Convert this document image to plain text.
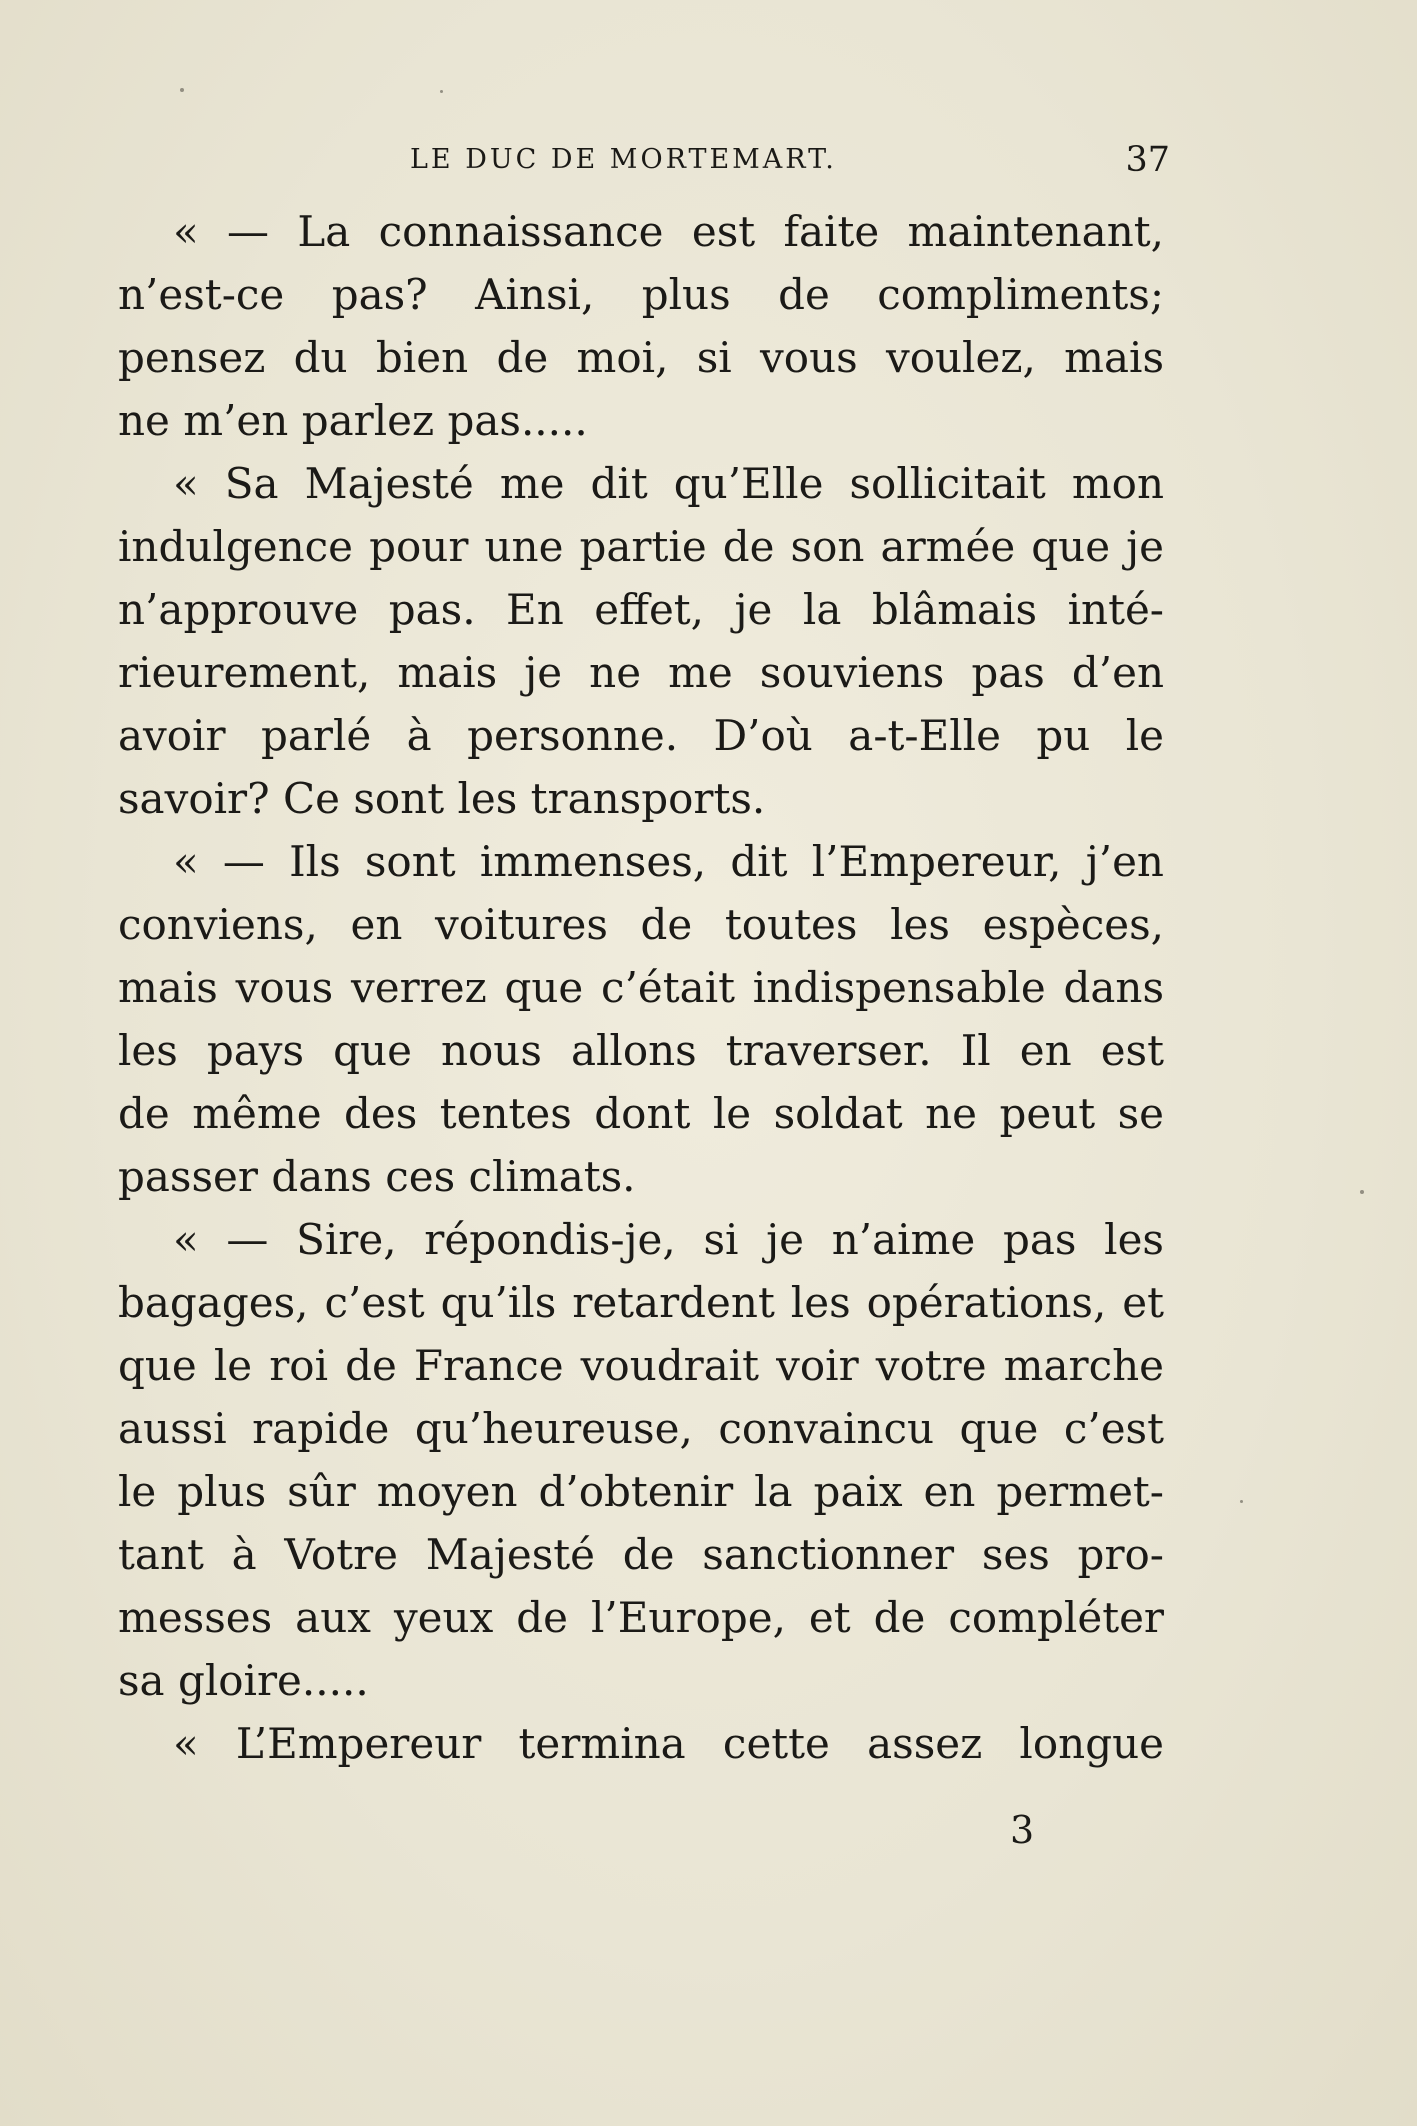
LE DUC DE MORTEMART.	37
« — La connaissance est faite maintenant,
n’est-ce pas? Ainsi, plus de compliments;
pensez du bien de moi, si vous voulez, mais
ne m’en parlez pas.....
« Sa Majesté me dit qu’Elle sollicitait mon
indulgence pour une partie de son armée que je
n’approuve pas. En effet, je la blâmais inté-
rieurement, mais je ne me souviens pas d’en
avoir parlé à personne. D’où a-t-Elle pu le
savoir? Ce sont les transports.
« — Ils sont immenses, dit l’Empereur, j’en
conviens, en voitures de toutes les espèces,
mais vous verrez que c’était indispensable dans
les pays que nous allons traverser. Il en est
de même des tentes dont le soldat ne peut se
passer dans ces climats.
« — Sire, répondis-je, si je n’aime pas les
bagages, c’est qu’ils retardent les opérations, et
que le roi de France voudrait voir votre marche
aussi rapide qu’heureuse, convaincu que c’est
le plus sûr moyen d’obtenir la paix en permet-
tant à Votre Majesté de sanctionner ses pro-
messes aux yeux de l’Europe, et de compléter
sa gloire.....
« L’Empereur termina cette assez longue
3
